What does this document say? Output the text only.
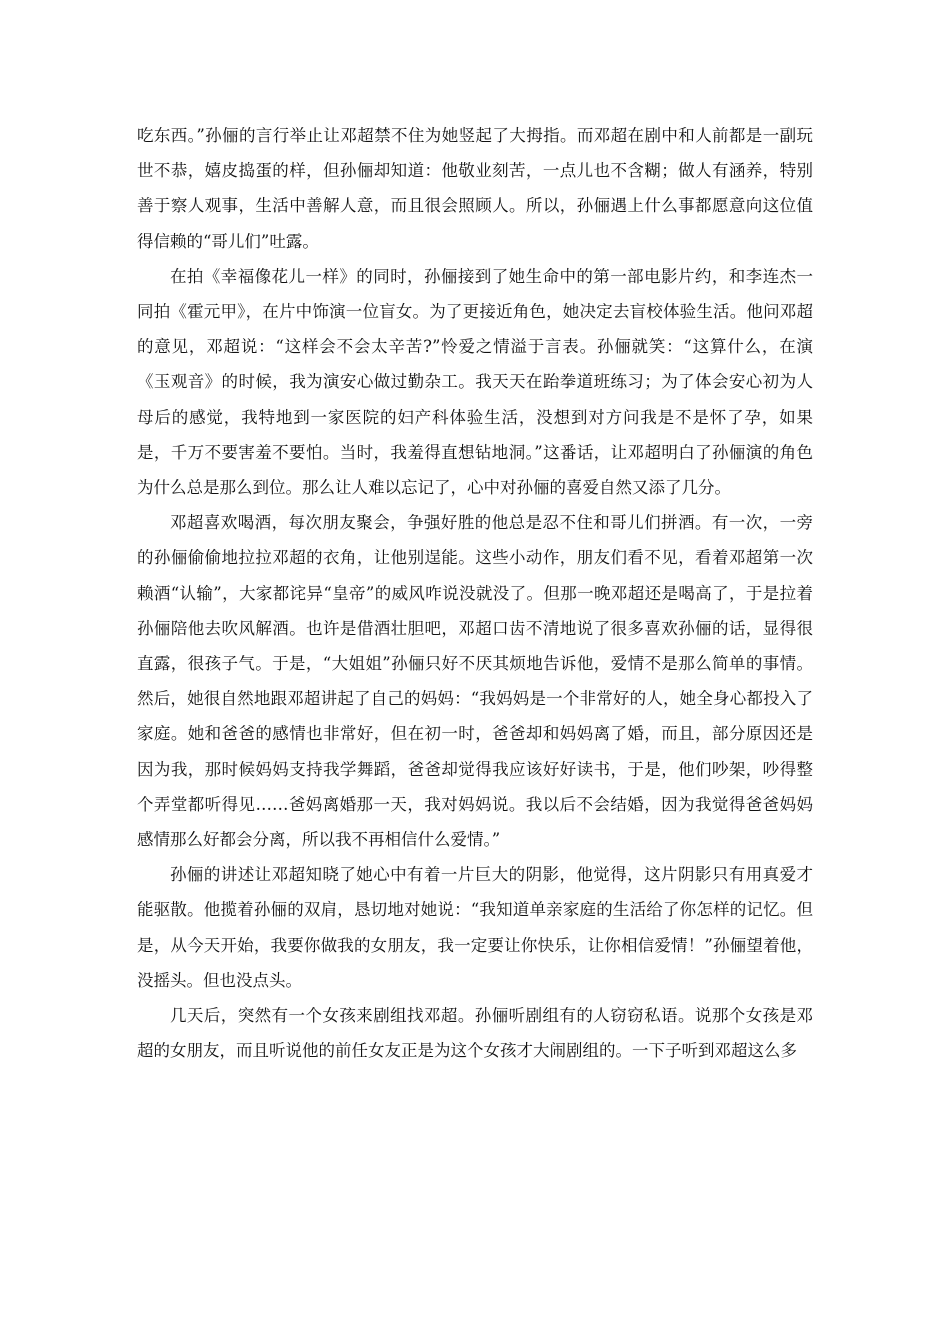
吃东西。”孙俪的言行举止让邓超禁不住为她竖起了大拇指。而邓超在剧中和人前都是一副玩世不恭，嬉皮捣蛋的样，但孙俪却知道：他敬业刻苦，一点儿也不含糊；做人有涵养，特别善于察人观事，生活中善解人意，而且很会照顾人。所以，孙俪遇上什么事都愿意向这位值得信赖的“哥儿们”吐露。

在拍《幸福像花儿一样》的同时，孙俪接到了她生命中的第一部电影片约，和李连杰一同拍《霍元甲》，在片中饰演一位盲女。为了更接近角色，她决定去盲校体验生活。他问邓超的意见，邓超说：“这样会不会太辛苦?”怜爱之情溢于言表。孙俪就笑：“这算什么，在演《玉观音》的时候，我为演安心做过勤杂工。我天天在跆拳道班练习；为了体会安心初为人母后的感觉，我特地到一家医院的妇产科体验生活，没想到对方问我是不是怀了孕，如果是，千万不要害羞不要怕。当时，我羞得直想钻地洞。”这番话，让邓超明白了孙俪演的角色为什么总是那么到位。那么让人难以忘记了，心中对孙俪的喜爱自然又添了几分。

邓超喜欢喝酒，每次朋友聚会，争强好胜的他总是忍不住和哥儿们拼酒。有一次，一旁的孙俪偷偷地拉拉邓超的衣角，让他别逞能。这些小动作，朋友们看不见，看着邓超第一次赖酒“认输”，大家都诧异“皇帝”的威风咋说没就没了。但那一晚邓超还是喝高了，于是拉着孙俪陪他去吹风解酒。也许是借酒壮胆吧，邓超口齿不清地说了很多喜欢孙俪的话，显得很直露，很孩子气。于是，“大姐姐”孙俪只好不厌其烦地告诉他，爱情不是那么简单的事情。然后，她很自然地跟邓超讲起了自己的妈妈：“我妈妈是一个非常好的人，她全身心都投入了家庭。她和爸爸的感情也非常好，但在初一时，爸爸却和妈妈离了婚，而且，部分原因还是因为我，那时候妈妈支持我学舞蹈，爸爸却觉得我应该好好读书，于是，他们吵架，吵得整个弄堂都听得见……爸妈离婚那一天，我对妈妈说。我以后不会结婚，因为我觉得爸爸妈妈感情那么好都会分离，所以我不再相信什么爱情。”

孙俪的讲述让邓超知晓了她心中有着一片巨大的阴影，他觉得，这片阴影只有用真爱才能驱散。他揽着孙俪的双肩，恳切地对她说：“我知道单亲家庭的生活给了你怎样的记忆。但是，从今天开始，我要你做我的女朋友，我一定要让你快乐，让你相信爱情！”孙俪望着他，没摇头。但也没点头。

几天后，突然有一个女孩来剧组找邓超。孙俪听剧组有的人窃窃私语。说那个女孩是邓超的女朋友，而且听说他的前任女友正是为这个女孩才大闹剧组的。一下子听到邓超这么多
